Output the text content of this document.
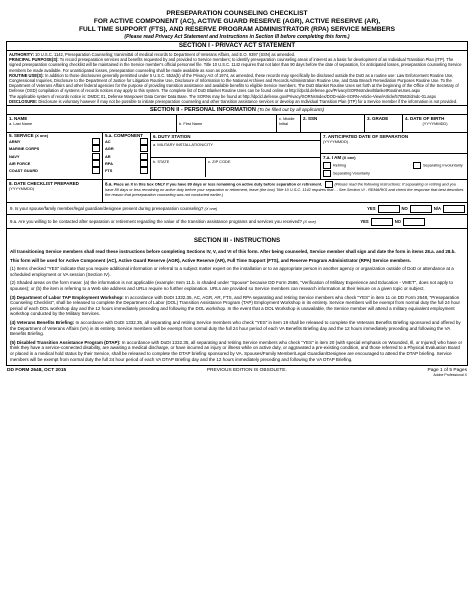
PRESEPARATION COUNSELING CHECKLIST
FOR ACTIVE COMPONENT (AC), ACTIVE GUARD RESERVE (AGR), ACTIVE RESERVE (AR),
FULL TIME SUPPORT (FTS), AND RESERVE PROGRAM ADMINISTRATOR (RPA) SERVICE MEMBERS
(Please read Privacy Act Statement and Instructions in Section III before completing this form.)
SECTION I - PRIVACY ACT STATEMENT
AUTHORITY: 10 U.S.C. 1142, Preseparation Counseling; transmittal of medical records to Department of Veterans Affairs, and E.O. 9397 (SSN) as amended.
PRINCIPAL PURPOSE(S): To record preseparation services and benefits requested by and provided to Service members; to identify preseparation counseling areas of interest as a basis for development of an Individual Transition Plan (ITP). The signed preseparation counseling checklist will be maintained in the Service member's official personnel file. Title 10 U.S.C. 1142 requires that not later than 90 days before the date of separation, for anticipated losses, preseparation counseling Service members be made available. For unanticipated losses, preseparation counseling shall be made available as soon as possible.
ROUTINE USE(S): In addition to those disclosures generally permitted under 5 U.S.C. 552a(b) of the Privacy Act of 1974, as amended, these records may specifically be disclosed outside the DoD as a routine use: Law Enforcement Routine Use, Congressional Inquiries, Disclosure to the Department of Justice for Litigation Routine Use, Disclosure of Information to the National Archives and Records Administration Routine Use, and Data Breach Remediation Purposes Routine Use. To the Department of Veterans Affairs and other federal agencies for the purpose of providing transition assistance and available benefits to eligible Service members. The DoD Blanket Routine Uses set forth at the beginning of the Office of the Secretary of Defense (OSD) compilation of systems of records notices may apply to this system. The complete list of DoD Blanket Routine Uses can be found online at http://dpcld.defense.gov/Privacy/SORNsIndex/BlanketRoutineUses.aspx
The applicable system of records notice is: DMDC 01, Defense Manpower Data Center Data Base. The SORNs may be found at http://dpcld.defense.gov/Privacy/SORNsIndex/DOD-wide-SORN-Article-View/Article/570563/dmdc-01.aspx
DISCLOSURE: Disclosure is voluntary however if may not be possible to initiate preseparation counseling and other transition assistance services or develop an Individual Transition Plan (ITP) for a Service member if the information is not provided.
SECTION II - PERSONAL INFORMATION (To be filled out by all applicants)
1. NAME
a. Last Name
	b. First Name
c. Middle Initial
2. SSN	3. GRADE	4. DATE OF BIRTH
(YYYYMMDD)
5. SERVICE (X one)
ARMY
MARINE CORPS
NAVY
AIR FORCE
COAST GUARD
5.a. COMPONENT
AC
AGR
AR
RPA
FTS
6. DUTY STATION
a. MILITARY INSTALLATION/CITY
b. STATE	c. ZIP CODE
7. ANTICIPATED DATE OF SEPARATION
(YYYYMMDD)
7.a. I AM (X one)
Retiring	Separating Involuntarily
Separating Voluntarily
8. DATE CHECKLIST PREPARED
(YYYYMMDD)
8.a. Place an X in this box ONLY if you have 89 days or less remaining on active duty before separation or retirement.	(Please read the following instructions: If separating or retiring and you have 89 days or less remaining on active duty before your separation or retirement, leave (the box) Title 10 U.S.C. 1142 requires that ... See Section VI - REMARKS and check the response that best describes the reason that preseparation counseling was not conducted earlier.)
9. Is your spouse/family member/legal guardian/designee present during preseparation counseling? (X one)	YES	NO	N/A
9.a. Are you willing to be contacted after separation or retirement regarding the value of the transition assistance programs and services you received? (X one)	YES	NO
SECTION III - INSTRUCTIONS

All transitioning Service members shall read these instructions before completing Sections IV, V, and VI of this form. After being counseled, Service member shall sign and date the form in items 28.a. and 28.b.

This form will be used for Active Component (AC), Active Guard Reserve (AGR), Active Reserve (AR), Full Time Support (FTS), and Reserve Program Administrator (RPA) Service members.

(1) Items checked "YES" indicate that you require additional information or referral to a subject matter expert on the installation or to an appropriate person in another agency or organization outside of DoD or attendance at a scheduled employment or VA session (Section IV).

(2) Shaded areas on the form mean: (a) the information is not applicable (example: Item 11.b. is shaded under "Spouse" because DD Form 2586, "Verification of Military Experience and Education - VMET", does not apply to spouses); or (b) the item is referring to a Web site address and URLs require no further explanation. URLs are provided so Service members can research information at their leisure on a given topic or subject.

(3) Department of Labor TAP Employment Workshop: In accordance with DoDI 1332.35, AC, AGR, AR, FTS, and RPA separating and retiring Service members who check "YES" in item 11 on DD Form 2648, "Preseparation Counseling Checklist", shall be released to complete the Department of Labor (DOL) Transition Assistance Program (TAP) Employment Workshop in its entirety. Service members will be exempt from normal duty the full 24 hour period of each DOL workshop day and the 12 hours immediately preceding and following the DOL workshop. In the event that a DOL Workshop is unavailable, the Service member will attend a military equivalent employment workshop conducted by the Military Services.

(4) Veterans Benefits Briefing: In accordance with DoDI 1332.35, all separating and retiring Service members who check "YES" in item 19 shall be released to complete the Veterans Benefits Briefing sponsored and offered by the Department of Veterans Affairs (VA) in its entirety. Service members will be exempt from normal duty the full 24 hour period of each VA Benefits Briefing day and the 12 hours immediately preceding and following the VA Benefits Briefing.

(5) Disabled Transition Assistance Program (DTAP): In accordance with DoDI 1332.35, all separating and retiring Service members who check "YES" in item 20 (with special emphasis on Wounded, Ill, or Injured) who have or think they have a service-connected disability, are awaiting a medical discharge, or have incurred an injury or illness while on active duty, or aggravated a pre-existing condition, and those referred to a Physical Evaluation Board or placed in a medical hold status by their Service, shall be released to complete the DTAP briefing sponsored by VA. Spouses/Family Member/Legal Guardian/Designee are encouraged to attend the DTAP briefing. Service members will be exempt from normal duty the full 24 hour period of each VA DTAP Briefing day and the 12 hours immediately preceding and following the VA DTAP Briefing.

DD FORM 2648, OCT 2015	PREVIOUS EDITION IS OBSOLETE.	Page 1 of 5 Pages
Adobe Professional X
